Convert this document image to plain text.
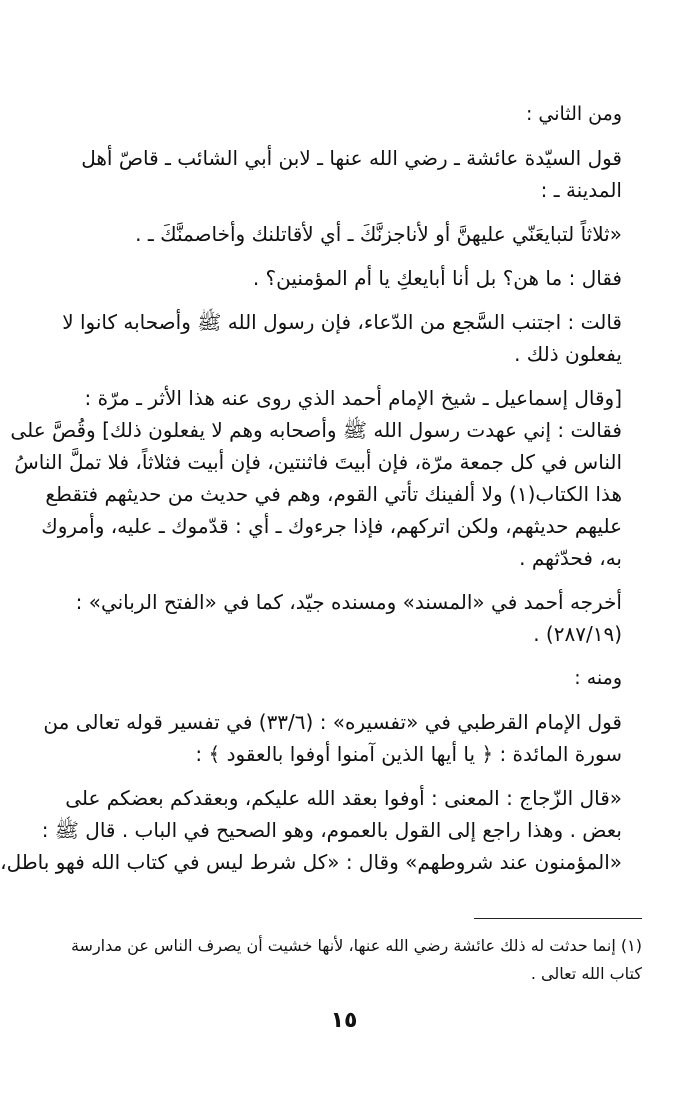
ومن الثاني :
قول السيّدة عائشة ـ رضي الله عنها ـ لابن أبي الشائب ـ قاصّ أهل
المدينة ـ :
«ثلاثاً لتبايعَنّي عليهنَّ أو لأناجزنَّكَ ـ أي لأقاتلنك وأخاصمنَّكَ ـ .
فقال : ما هن؟ بل أنا أبايعكِ يا أم المؤمنين؟ .
قالت : اجتنب السَّجع من الدّعاء، فإن رسول الله ﷺ وأصحابه كانوا لا
يفعلون ذلك .
[وقال إسماعيل ـ شيخ الإمام أحمد الذي روى عنه هذا الأثر ـ مرّة :
فقالت : إني عهدت رسول الله ﷺ وأصحابه وهم لا يفعلون ذلك] وقُصَّ على
الناس في كل جمعة مرّة، فإن أبيتَ فاثنتين، فإن أبيت فثلاثاً، فلا تملَّ الناسُ
هذا الكتاب(١) ولا ألفينك تأتي القوم، وهم في حديث من حديثهم فتقطع
عليهم حديثهم، ولكن اتركهم، فإذا جرءوك ـ أي : قدّموك ـ عليه، وأمروك
به، فحدّثهم .
أخرجه أحمد في «المسند» ومسنده جيّد، كما في «الفتح الرباني» :
(٢٨٧/١٩) .
ومنه :
قول الإمام القرطبي في «تفسيره» : (٣٣/٦) في تفسير قوله تعالى من
سورة المائدة : ﴿ يا أيها الذين آمنوا أوفوا بالعقود ﴾ :
«قال الزّجاج : المعنى : أوفوا بعقد الله عليكم، وبعقدكم بعضكم على
بعض . وهذا راجع إلى القول بالعموم، وهو الصحيح في الباب . قال ﷺ :
«المؤمنون عند شروطهم» وقال : «كل شرط ليس في كتاب الله فهو باطل،
(١) إنما حدثت له ذلك عائشة رضي الله عنها، لأنها خشيت أن يصرف الناس عن مدارسة
كتاب الله تعالى .
١٥
